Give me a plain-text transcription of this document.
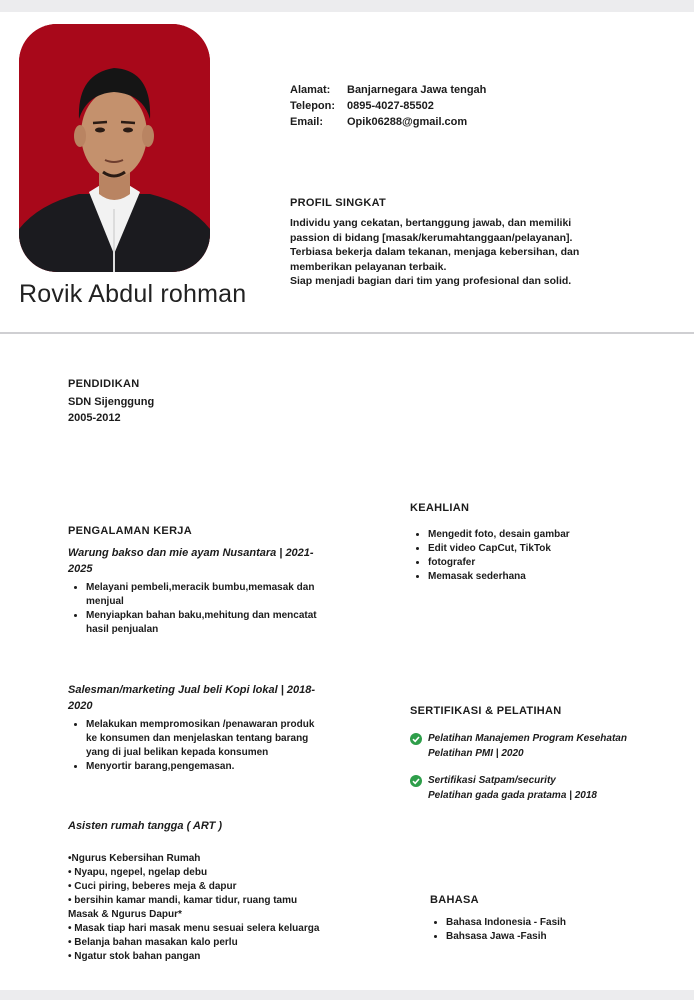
Rovik Abdul rohman
Alamat:	Banjarnegara Jawa tengah
Telepon:	0895-4027-85502
Email:	Opik06288@gmail.com
PROFIL SINGKAT

Individu yang cekatan, bertanggung jawab, dan memiliki
passion di bidang [masak/kerumahtanggaan/pelayanan].
Terbiasa bekerja dalam tekanan, menjaga kebersihan, dan
memberikan pelayanan terbaik.
Siap menjadi bagian dari tim yang profesional dan solid.

PENDIDIKAN
SDN Sijenggung
2005-2012
PENGALAMAN KERJA
Warung bakso dan mie ayam Nusantara | 2021-
2025
• Melayani pembeli,meracik bumbu,memasak dan
menjual
• Menyiapkan bahan baku,mehitung dan mencatat
hasil penjualan
Salesman/marketing Jual beli Kopi lokal | 2018-
2020
• Melakukan mempromosikan /penawaran produk
ke konsumen dan menjelaskan tentang barang
yang di jual belikan kepada konsumen
• Menyortir barang,pengemasan.
Asisten rumah tangga ( ART )
•Ngurus Kebersihan Rumah
• Nyapu, ngepel, ngelap debu
• Cuci piring, beberes meja & dapur
• bersihin kamar mandi, kamar tidur, ruang tamu
Masak & Ngurus Dapur*
• Masak tiap hari masak menu sesuai selera keluarga
• Belanja bahan masakan kalo perlu
• Ngatur stok bahan pangan
KEAHLIAN
• Mengedit foto, desain gambar
• Edit video CapCut, TikTok
• fotografer
• Memasak sederhana
SERTIFIKASI & PELATIHAN
Pelatihan Manajemen Program Kesehatan
Pelatihan PMI | 2020
Sertifikasi Satpam/security
Pelatihan gada gada pratama | 2018
BAHASA
• Bahasa Indonesia - Fasih
• Bahsasa Jawa -Fasih
